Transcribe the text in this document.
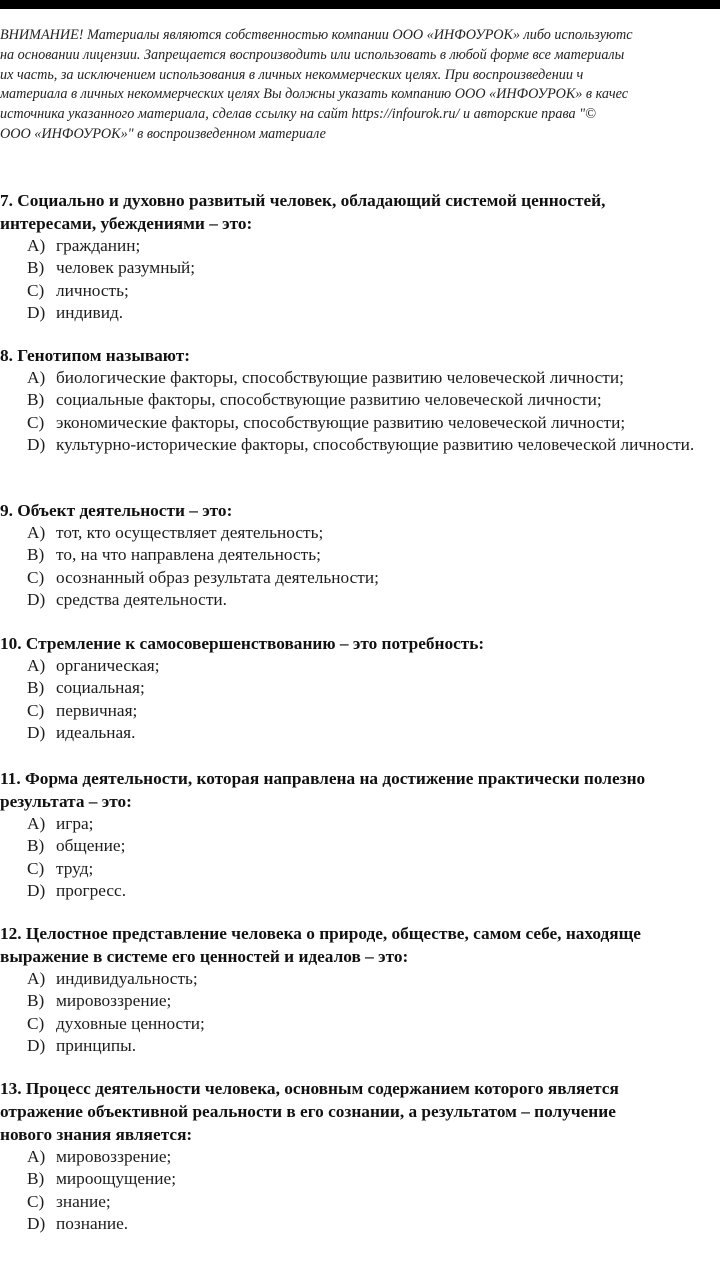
ВНИМАНИЕ! Материалы являются собственностью компании ООО «ИНФОУРОК» либо используютс
на основании лицензии. Запрещается воспроизводить или использовать в любой форме все материалы
их часть, за исключением использования в личных некоммерческих целях. При воспроизведении ч
материала в личных некоммерческих целях Вы должны указать компанию ООО «ИНФОУРОК» в качес
источника указанного материала, сделав ссылку на сайт https://infourok.ru/ и авторские права "©
ООО «ИНФОУРОК»" в воспроизведенном материале
7. Социально и духовно развитый человек, обладающий системой ценностей,
интересами, убеждениями – это:
A) гражданин;
B) человек разумный;
C) личность;
D) индивид.
8. Генотипом называют:
A) биологические факторы, способствующие развитию человеческой личности;
B) социальные факторы, способствующие развитию человеческой личности;
C) экономические факторы, способствующие развитию человеческой личности;
D) культурно-исторические факторы, способствующие развитию человеческой личности.
9. Объект деятельности – это:
A) тот, кто осуществляет деятельность;
B) то, на что направлена деятельность;
C) осознанный образ результата деятельности;
D) средства деятельности.
10. Стремление к самосовершенствованию – это потребность:
A) органическая;
B) социальная;
C) первичная;
D) идеальная.
11. Форма деятельности, которая направлена на достижение практически полезно
результата – это:
A) игра;
B) общение;
C) труд;
D) прогресс.
12. Целостное представление человека о природе, обществе, самом себе, находяще
выражение в системе его ценностей и идеалов – это:
A) индивидуальность;
B) мировоззрение;
C) духовные ценности;
D) принципы.
13. Процесс деятельности человека, основным содержанием которого является
отражение объективной реальности в его сознании, а результатом – получение
нового знания является:
A) мировоззрение;
B) мироощущение;
C) знание;
D) познание.
